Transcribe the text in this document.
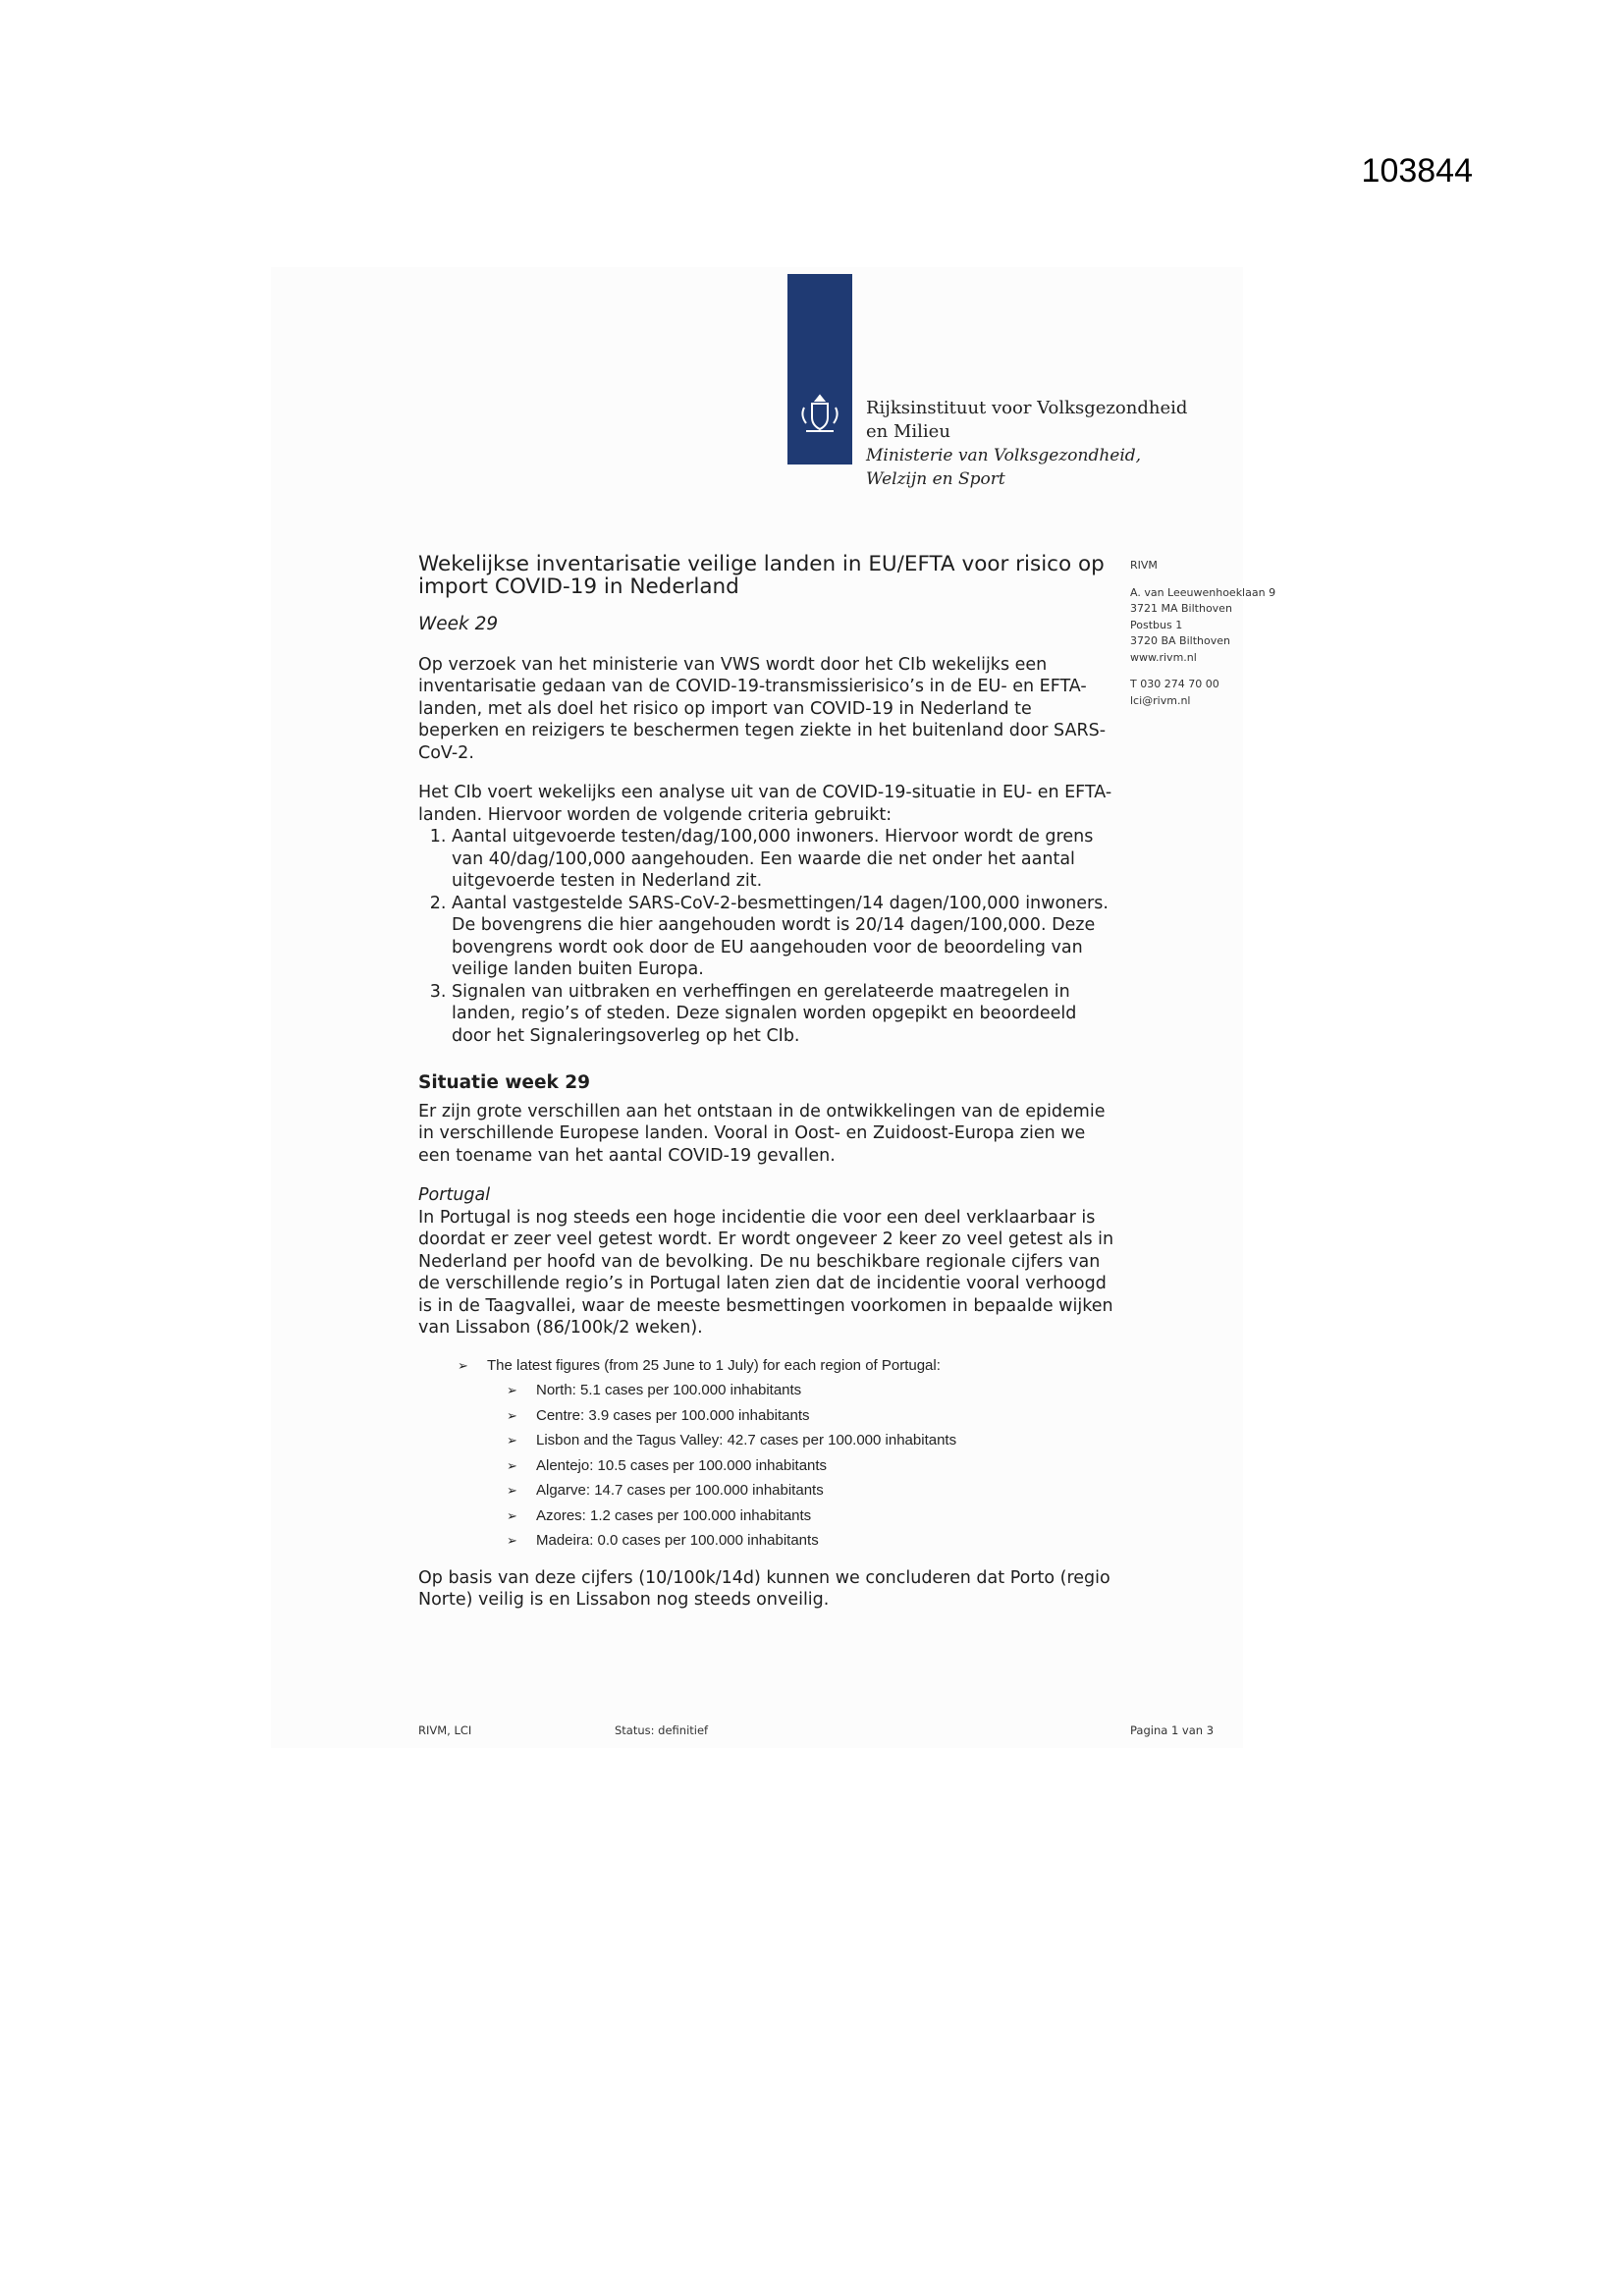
103844
Rijksinstituut voor Volksgezondheid
en Milieu
Ministerie van Volksgezondheid,
Welzijn en Sport
RIVM
A. van Leeuwenhoeklaan 9
3721 MA Bilthoven
Postbus 1
3720 BA Bilthoven
www.rivm.nl
T 030 274 70 00
lci@rivm.nl
Wekelijkse inventarisatie veilige landen in EU/EFTA voor risico op import COVID-19 in Nederland
Week 29

Op verzoek van het ministerie van VWS wordt door het CIb wekelijks een inventarisatie gedaan van de COVID-19-transmissierisico’s in de EU- en EFTA-landen, met als doel het risico op import van COVID-19 in Nederland te beperken en reizigers te beschermen tegen ziekte in het buitenland door SARS-CoV-2.

Het CIb voert wekelijks een analyse uit van de COVID-19-situatie in EU- en EFTA-landen. Hiervoor worden de volgende criteria gebruikt:

1. Aantal uitgevoerde testen/dag/100,000 inwoners. Hiervoor wordt de grens van 40/dag/100,000 aangehouden. Een waarde die net onder het aantal uitgevoerde testen in Nederland zit.
2. Aantal vastgestelde SARS-CoV-2-besmettingen/14 dagen/100,000 inwoners. De bovengrens die hier aangehouden wordt is 20/14 dagen/100,000. Deze bovengrens wordt ook door de EU aangehouden voor de beoordeling van veilige landen buiten Europa.
3. Signalen van uitbraken en verheffingen en gerelateerde maatregelen in landen, regio’s of steden. Deze signalen worden opgepikt en beoordeeld door het Signaleringsoverleg op het CIb.
Situatie week 29

Er zijn grote verschillen aan het ontstaan in de ontwikkelingen van de epidemie in verschillende Europese landen. Vooral in Oost- en Zuidoost-Europa zien we een toename van het aantal COVID-19 gevallen.

Portugal

In Portugal is nog steeds een hoge incidentie die voor een deel verklaarbaar is doordat er zeer veel getest wordt. Er wordt ongeveer 2 keer zo veel getest als in Nederland per hoofd van de bevolking. De nu beschikbare regionale cijfers van de verschillende regio’s in Portugal laten zien dat de incidentie vooral verhoogd is in de Taagvallei, waar de meeste besmettingen voorkomen in bepaalde wijken van Lissabon (86/100k/2 weken).

➢ The latest figures (from 25 June to 1 July) for each region of Portugal:
➢ North: 5.1 cases per 100.000 inhabitants
➢ Centre: 3.9 cases per 100.000 inhabitants
➢ Lisbon and the Tagus Valley: 42.7 cases per 100.000 inhabitants
➢ Alentejo: 10.5 cases per 100.000 inhabitants
➢ Algarve: 14.7 cases per 100.000 inhabitants
➢ Azores: 1.2 cases per 100.000 inhabitants
➢ Madeira: 0.0 cases per 100.000 inhabitants

Op basis van deze cijfers (10/100k/14d) kunnen we concluderen dat Porto (regio Norte) veilig is en Lissabon nog steeds onveilig.

RIVM, LCI	Status: definitief	Pagina 1 van 3
